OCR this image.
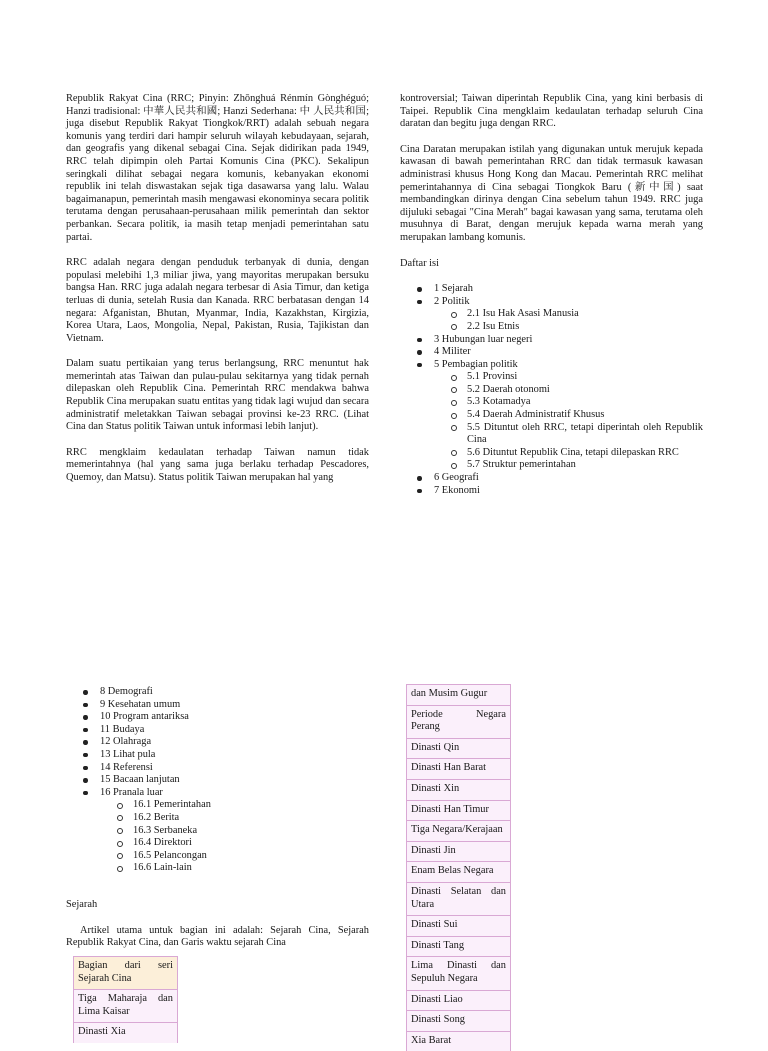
Republik Rakyat Cina (RRC; Pinyin: Zhōnghuá Rénmín Gònghéguó; Hanzi tradisional: 中華人民共和國; Hanzi Sederhana: 中 人民共和国; juga disebut Republik Rakyat Tiongkok/RRT) adalah sebuah negara komunis yang terdiri dari hampir seluruh wilayah kebudayaan, sejarah, dan geografis yang dikenal sebagai Cina. Sejak didirikan pada 1949, RRC telah dipimpin oleh Partai Komunis Cina (PKC). Sekalipun seringkali dilihat sebagai negara komunis, kebanyakan ekonomi republik ini telah diswastakan sejak tiga dasawarsa yang lalu. Walau bagaimanapun, pemerintah masih mengawasi ekonominya secara politik terutama dengan perusahaan-perusahaan milik pemerintah dan sektor perbankan. Secara politik, ia masih tetap menjadi pemerintahan satu partai.

RRC adalah negara dengan penduduk terbanyak di dunia, dengan populasi melebihi 1,3 miliar jiwa, yang mayoritas merupakan bersuku bangsa Han. RRC juga adalah negara terbesar di Asia Timur, dan ketiga terluas di dunia, setelah Rusia dan Kanada. RRC berbatasan dengan 14 negara: Afganistan, Bhutan, Myanmar, India, Kazakhstan, Kirgizia, Korea Utara, Laos, Mongolia, Nepal, Pakistan, Rusia, Tajikistan dan Vietnam.

Dalam suatu pertikaian yang terus berlangsung, RRC menuntut hak memerintah atas Taiwan dan pulau-pulau sekitarnya yang tidak pernah dilepaskan oleh Republik Cina. Pemerintah RRC mendakwa bahwa Republik Cina merupakan suatu entitas yang tidak lagi wujud dan secara administratif meletakkan Taiwan sebagai provinsi ke-23 RRC. (Lihat Cina dan Status politik Taiwan untuk informasi lebih lanjut).

RRC mengklaim kedaulatan terhadap Taiwan namun tidak memerintahnya (hal yang sama juga berlaku terhadap Pescadores, Quemoy, dan Matsu). Status politik Taiwan merupakan hal yang

kontroversial; Taiwan diperintah Republik Cina, yang kini berbasis di Taipei. Republik Cina mengklaim kedaulatan terhadap seluruh Cina daratan dan begitu juga dengan RRC.

Cina Daratan merupakan istilah yang digunakan untuk merujuk kepada kawasan di bawah pemerintahan RRC dan tidak termasuk kawasan administrasi khusus Hong Kong dan Macau. Pemerintah RRC melihat pemerintahannya di Cina sebagai Tiongkok Baru (新中国) saat membandingkan dirinya dengan Cina sebelum tahun 1949. RRC juga dijuluki sebagai "Cina Merah" bagai kawasan yang sama, terutama oleh musuhnya di Barat, dengan merujuk kepada warna merah yang merupakan lambang komunis.

Daftar isi
1 Sejarah
2 Politik
2.1 Isu Hak Asasi Manusia
2.2 Isu Etnis
3 Hubungan luar negeri
4 Militer
5 Pembagian politik
5.1 Provinsi
5.2 Daerah otonomi
5.3 Kotamadya
5.4 Daerah Administratif Khusus
5.5 Dituntut oleh RRC, tetapi diperintah oleh Republik Cina
5.6 Dituntut Republik Cina, tetapi dilepaskan RRC
5.7 Struktur pemerintahan
6 Geografi
7 Ekonomi
8 Demografi
9 Kesehatan umum
10 Program antariksa
11 Budaya
12 Olahraga
13 Lihat pula
14 Referensi
15 Bacaan lanjutan
16 Pranala luar
16.1 Pemerintahan
16.2 Berita
16.3 Serbaneka
16.4 Direktori
16.5 Pelancongan
16.6 Lain-lain
Sejarah

Artikel utama untuk bagian ini adalah: Sejarah Cina, Sejarah Republik Rakyat Cina, dan Garis waktu sejarah Cina

Bagian dari seri Sejarah Cina
Tiga Maharaja dan Lima Kaisar
Dinasti Xia
dan Musim Gugur
Periode Negara Perang
Dinasti Qin
Dinasti Han Barat
Dinasti Xin
Dinasti Han Timur
Tiga Negara/Kerajaan
Dinasti Jin
Enam Belas Negara
Dinasti Selatan dan Utara
Dinasti Sui
Dinasti Tang
Lima Dinasti dan Sepuluh Negara
Dinasti Liao
Dinasti Song
Xia Barat
